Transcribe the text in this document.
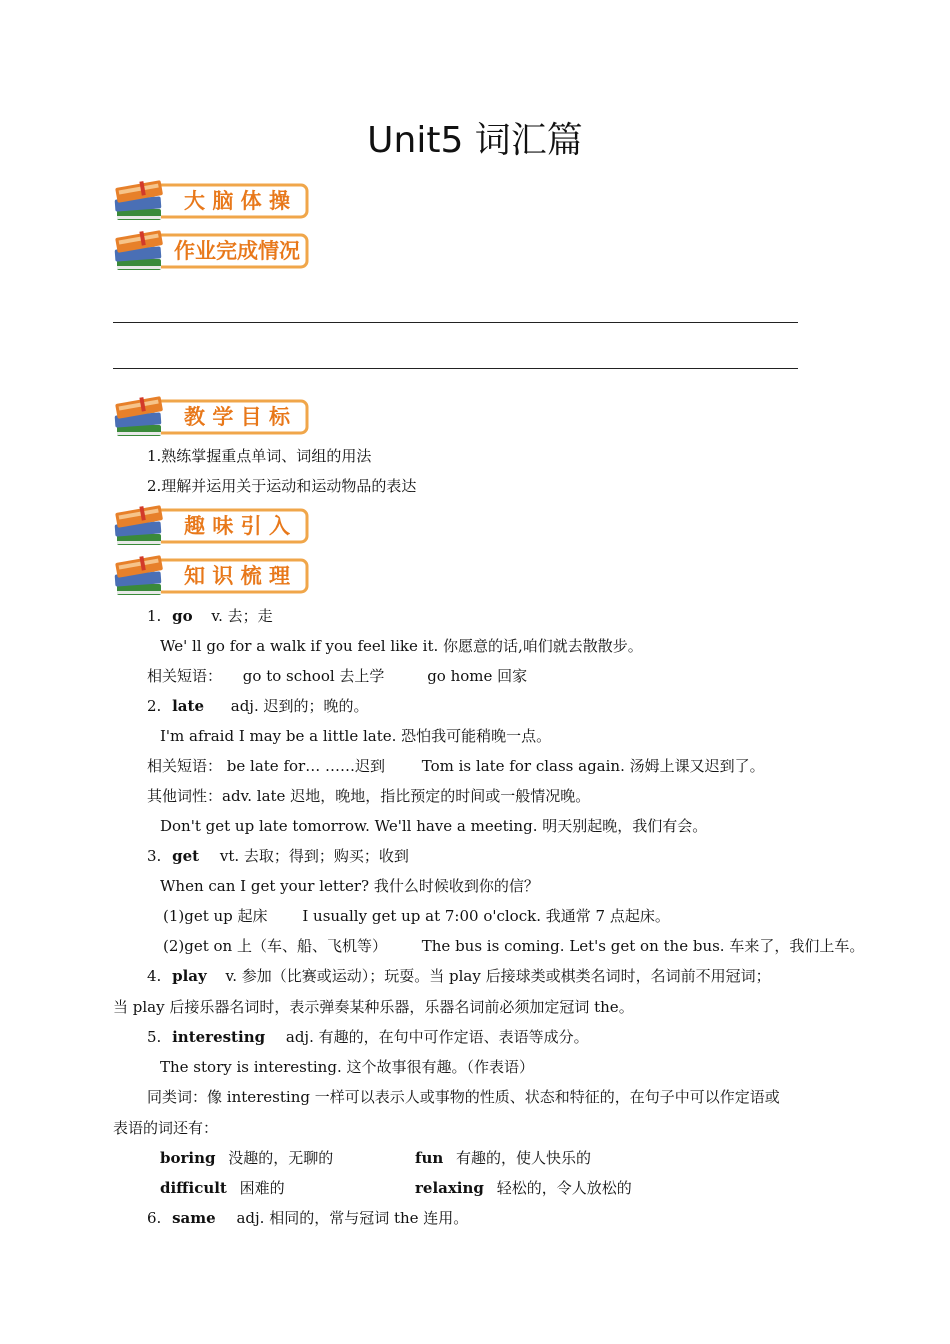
Unit5 词汇篇
大 脑 体 操
作业完成情况
教 学 目 标
1.熟练掌握重点单词、词组的用法
2.理解并运用关于运动和运动物品的表达
趣 味 引 入
知 识 梳 理
1. go v. 去；走
We' ll go for a walk if you feel like it. 你愿意的话,咱们就去散散步。
相关短语： go to school 去上学	go home 回家
2. late adj. 迟到的；晚的。
I'm afraid I may be a little late. 恐怕我可能稍晚一点。
相关短语： be late for… ……迟到 Tom is late for class again. 汤姆上课又迟到了。
其他词性：adv. late 迟地，晚地，指比预定的时间或一般情况晚。
Don't get up late tomorrow. We'll have a meeting. 明天别起晚，我们有会。
3. get vt. 去取；得到；购买；收到
When can I get your letter? 我什么时候收到你的信？
(1)get up 起床 I usually get up at 7:00 o'clock. 我通常 7 点起床。
(2)get on 上（车、船、飞机等） The bus is coming. Let's get on the bus. 车来了，我们上车。
4. play v. 参加（比赛或运动）；玩耍。当 play 后接球类或棋类名词时，名词前不用冠词；
当 play 后接乐器名词时，表示弹奏某种乐器，乐器名词前必须加定冠词 the。
5. interesting adj. 有趣的，在句中可作定语、表语等成分。
The story is interesting. 这个故事很有趣。（作表语）
同类词：像 interesting 一样可以表示人或事物的性质、状态和特征的，在句子中可以作定语或
表语的词还有：
boring 没趣的，无聊的	fun 有趣的，使人快乐的
difficult 困难的	relaxing 轻松的，令人放松的
6. same adj. 相同的，常与冠词 the 连用。
